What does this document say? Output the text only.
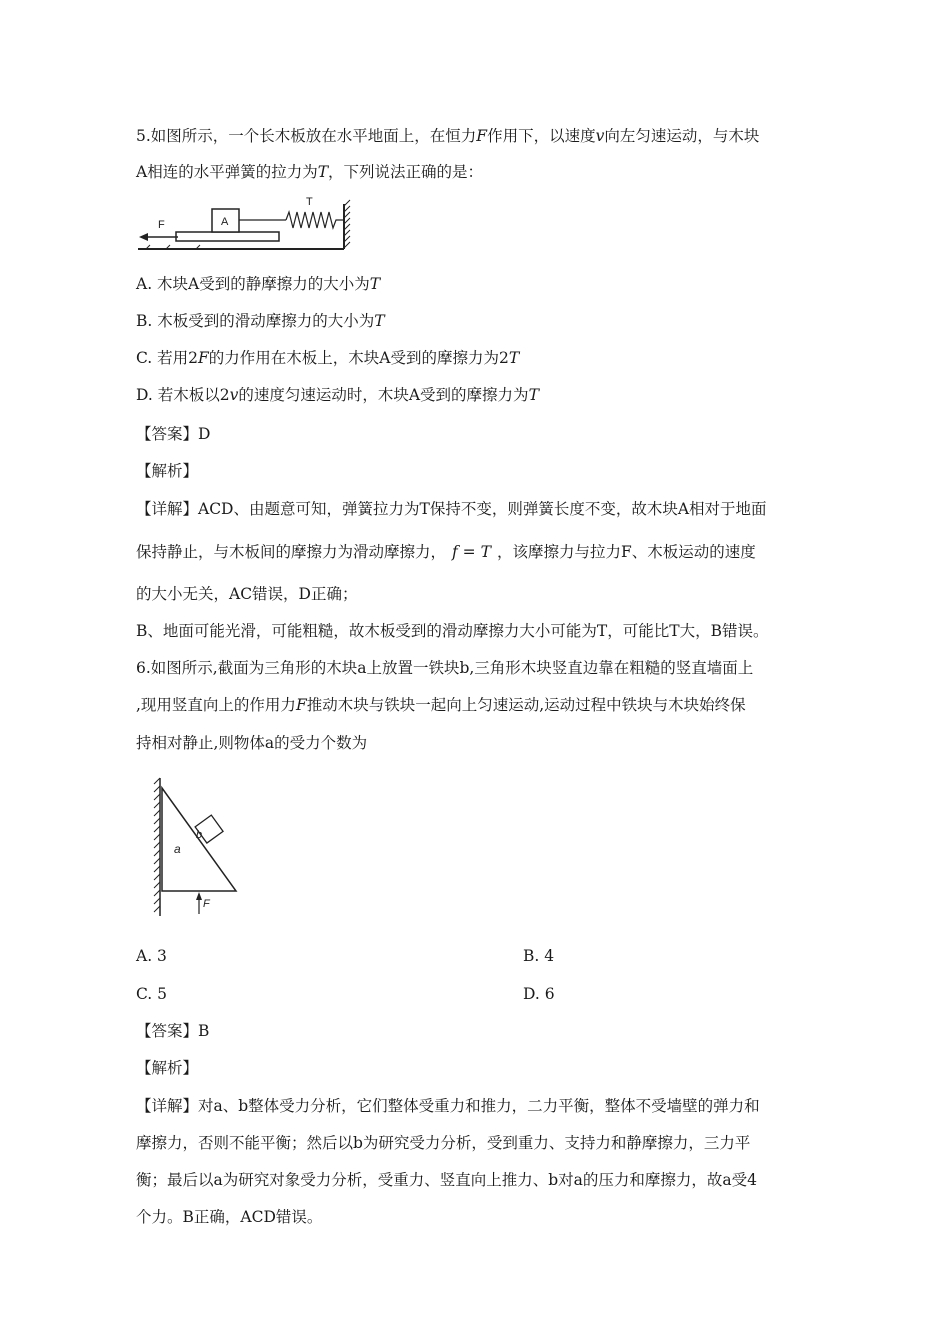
5.如图所示，一个长木板放在水平地面上，在恒力F作用下，以速度v向左匀速运动，与木块
A相连的水平弹簧的拉力为T，下列说法正确的是：
F	A
T
A. 木块A受到的静摩擦力的大小为T
B. 木板受到的滑动摩擦力的大小为T
C. 若用2F的力作用在木板上，木块A受到的摩擦力为2T
D. 若木板以2v的速度匀速运动时，木块A受到的摩擦力为T
【答案】D
【解析】
【详解】ACD、由题意可知，弹簧拉力为T保持不变，则弹簧长度不变，故木块A相对于地面
保持静止，与木板间的摩擦力为滑动摩擦力， f = T ，该摩擦力与拉力F、木板运动的速度
的大小无关，AC错误，D正确；
B、地面可能光滑，可能粗糙，故木板受到的滑动摩擦力大小可能为T，可能比T大，B错误。
6.如图所示,截面为三角形的木块a上放置一铁块b,三角形木块竖直边靠在粗糙的竖直墙面上
,现用竖直向上的作用力F推动木块与铁块一起向上匀速运动,运动过程中铁块与木块始终保
持相对静止,则物体a的受力个数为
a
b
F
A. 3	B. 4
C. 5	D. 6
【答案】B
【解析】
【详解】对a、b整体受力分析，它们整体受重力和推力，二力平衡，整体不受墙壁的弹力和
摩擦力，否则不能平衡；然后以b为研究受力分析，受到重力、支持力和静摩擦力，三力平
衡；最后以a为研究对象受力分析，受重力、竖直向上推力、b对a的压力和摩擦力，故a受4
个力。B正确，ACD错误。
